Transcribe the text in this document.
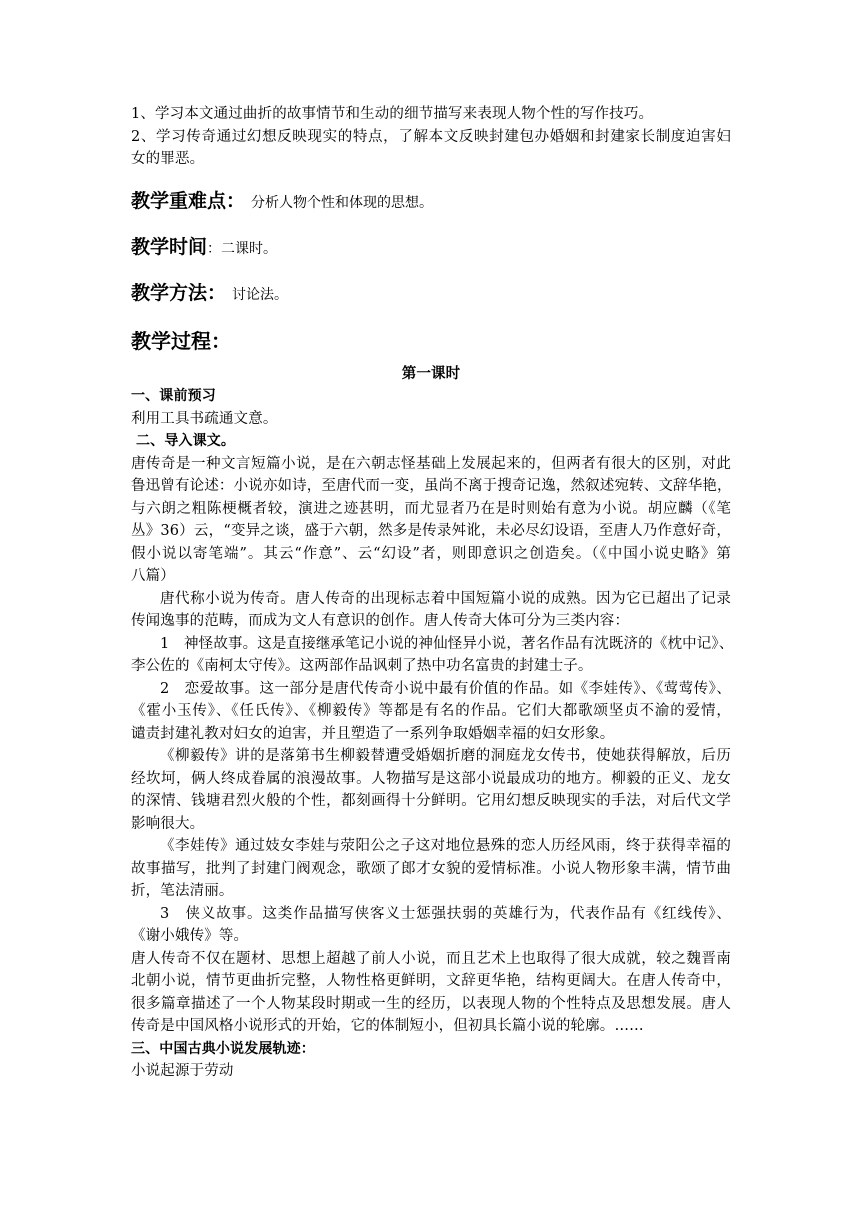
1、学习本文通过曲折的故事情节和生动的细节描写来表现人物个性的写作技巧。
2、学习传奇通过幻想反映现实的特点，了解本文反映封建包办婚姻和封建家长制度迫害妇
女的罪恶。
教学重难点： 分析人物个性和体现的思想。
教学时间：二课时。
教学方法： 讨论法。
教学过程：
第一课时
一、课前预习
利用工具书疏通文意。
二、导入课文。
唐传奇是一种文言短篇小说，是在六朝志怪基础上发展起来的，但两者有很大的区别，对此
鲁迅曾有论述：小说亦如诗，至唐代而一变，虽尚不离于搜奇记逸，然叙述宛转、文辞华艳，
与六朗之粗陈梗概者较，演进之迹甚明，而尤显者乃在是时则始有意为小说。胡应麟（《笔
丛》36）云，“变异之谈，盛于六朝，然多是传录舛讹，未必尽幻设语，至唐人乃作意好奇，
假小说以寄笔端”。其云“作意”、云“幻设”者，则即意识之创造矣。（《中国小说史略》第
八篇）
唐代称小说为传奇。唐人传奇的出现标志着中国短篇小说的成熟。因为它已超出了记录
传闻逸事的范畴，而成为文人有意识的创作。唐人传奇大体可分为三类内容：
1　神怪故事。这是直接继承笔记小说的神仙怪异小说，著名作品有沈既济的《枕中记》、
李公佐的《南柯太守传》。这两部作品讽刺了热中功名富贵的封建士子。
2　恋爱故事。这一部分是唐代传奇小说中最有价值的作品。如《李娃传》、《莺莺传》、
《霍小玉传》、《任氏传》、《柳毅传》等都是有名的作品。它们大都歌颂坚贞不渝的爱情，
谴责封建礼教对妇女的迫害，并且塑造了一系列争取婚姻幸福的妇女形象。
《柳毅传》讲的是落第书生柳毅替遭受婚姻折磨的洞庭龙女传书，使她获得解放，后历
经坎坷，俩人终成眷属的浪漫故事。人物描写是这部小说最成功的地方。柳毅的正义、龙女
的深情、钱塘君烈火般的个性，都刻画得十分鲜明。它用幻想反映现实的手法，对后代文学
影响很大。
《李娃传》通过妓女李娃与荥阳公之子这对地位悬殊的恋人历经风雨，终于获得幸福的
故事描写，批判了封建门阀观念，歌颂了郎才女貌的爱情标准。小说人物形象丰满，情节曲
折，笔法清丽。
3　侠义故事。这类作品描写侠客义士惩强扶弱的英雄行为，代表作品有《红线传》、
《谢小娥传》等。
唐人传奇不仅在题材、思想上超越了前人小说，而且艺术上也取得了很大成就，较之魏晋南
北朝小说，情节更曲折完整，人物性格更鲜明，文辞更华艳，结构更阔大。在唐人传奇中，
很多篇章描述了一个人物某段时期或一生的经历，以表现人物的个性特点及思想发展。唐人
传奇是中国风格小说形式的开始，它的体制短小，但初具长篇小说的轮廓。……
三、中国古典小说发展轨迹：
小说起源于劳动
